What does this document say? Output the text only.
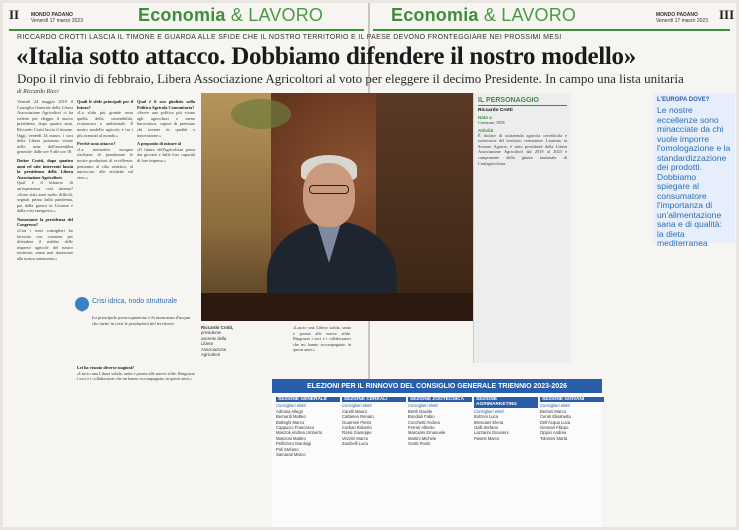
II MONDO PADANO
Venerdì 17 marzo 2023	Economia & LAVORO	Economia & LAVORO	MONDO PADANO
Venerdì 17 marzo 2023 III
RICCARDO CROTTI LASCIA IL TIMONE E GUARDA ALLE SFIDE CHE IL NOSTRO TERRITORIO E IL PAESE DEVONO FRONTEGGIARE NEI PROSSIMI MESI
«Italia sotto attacco. Dobbiamo difendere il nostro modello»
Dopo il rinvio di febbraio, Libera Associazione Agricoltori al voto per eleggere il decimo Presidente. In campo una lista unitaria
di Riccardo Ricci

Venerdì 24 maggio 2019 il Consiglio Generale della Libera Associazione Agricoltori ci ha rieletto per elegger il nuovo presidente, dopo quattro anni. Riccardo Crotti lascia il timone. Oggi, venerdì 24 marzo, i soci della Libera potranno votare nelle urne dell'assemblea generale: dalle ore 9 alle ore 18.

Dottor Crotti, dopo quattro anni ed otto interventi lascia la presidenza della Libera Associazione Agricoltori.

Qual è il bilancio di un'esperienza così intensa? «Sono stati anni molto difficili, segnati prima dalla pandemia, poi dalla guerra in Ucraina e dalla crisi energetica.»

Nonostante la presidenza del Congresso?

«Con i miei consiglieri ho lavorato con costanza per difendere il reddito delle imprese agricole del nostro territorio, senza mai rinunciare alla nostra autonomia.»

Quali le sfide principali per il futuro?

«La sfida più grande resta quella della sostenibilità, economica e ambientale. Il nostro modello agricolo è tra i più avanzati al mondo.»

Perché sono attacco?

«Le normative europee rischiano di penalizzare le nostre produzioni di eccellenza: pensiamo al cibo sintetico, al nutriscore, alle etichette sul vino.»

Qual è il suo giudizio sulla Politica Agricola Comunitaria?

«Serve una politica più vicina agli agricoltori e meno burocratica, capace di premiare chi investe in qualità e innovazione.»

A proposito di misure al

«Il futuro dell'agricoltura passa dai giovani e dalla loro capacità di fare impresa.»

Lei ha vissuto diverse stagioni?

«Lascio una Libera solida, unita e pronta alle nuove sfide. Ringrazio i soci e i collaboratori che mi hanno accompagnato in questi anni.»

Crisi idrica, nodo strutturale
La principale preoccupazione è la mancanza d'acqua che mette in crisi le produzioni del territorio
Riccardo Crotti,
presidente uscente della Libera Associazione Agricoltori
IL PERSONAGGIO
Riccardo Crotti
Nato a
Cremona, 1958
Attività
È titolare di un'azienda agricola cerealicola e zootecnica del territorio cremonese. Laureato in Scienze Agrarie, è stato presidente della Libera Associazione Agricoltori dal 2019 al 2023 e componente della giunta nazionale di Confagricoltura.

«Lascio una Libera solida, unita e pronta alle nuove sfide. Ringrazio i soci e i collaboratori che mi hanno accompagnato in questi anni.»

ELEZIONI PER IL RINNOVO DEL CONSIGLIO GENERALE TRIENNIO 2023-2026
SEZIONE GENERALE
Consiglieri eletti
Adriana Allegri
Bernardi Matteo
Botteghi Marco
Cappucci Francesco
Manzoli Andrea Umberto
Manzoni Matteo
Pellizzoni Gianluigi
Poli Stefano
Samarati Marco
SEZIONE CEREALI
Consiglieri eletti
Carelli Mauro
Cattaneo Renato
Guarnieri Pietro
Corbari Roberto
Rossi Giuseppe
Vezzini Marco
Zanibelli Luca
SEZIONE ZOOTECNICA
Consiglieri eletti
Bertè Davide
Bondioli Fabio
Cocchetti Andrea
Ferrari Alberto
Marcarini Emanuele
Martini Michele
Scotti Paolo
SEZIONE AGRIMARKETING
Consiglieri eletti
Bolzoni Luca
Bresciani Elena
Galli Stefano
Lazzarini Giovanni
Pavesi Marco
SEZIONE GIOVANI
Consiglieri eletti
Bertoni Marco
Ceruti Elisabetta
Dell'Acqua Luca
Gennari Filippo
Oppici Andrea
Tolomini Marta
L'EUROPA DOVE?
Le nostre eccellenze sono minacciate da chi vuole imporre l'omologazione e la standardizzazione dei prodotti. Dobbiamo spiegare al consumatore l'importanza di un'alimentazione sana e di qualità: la dieta mediterranea
